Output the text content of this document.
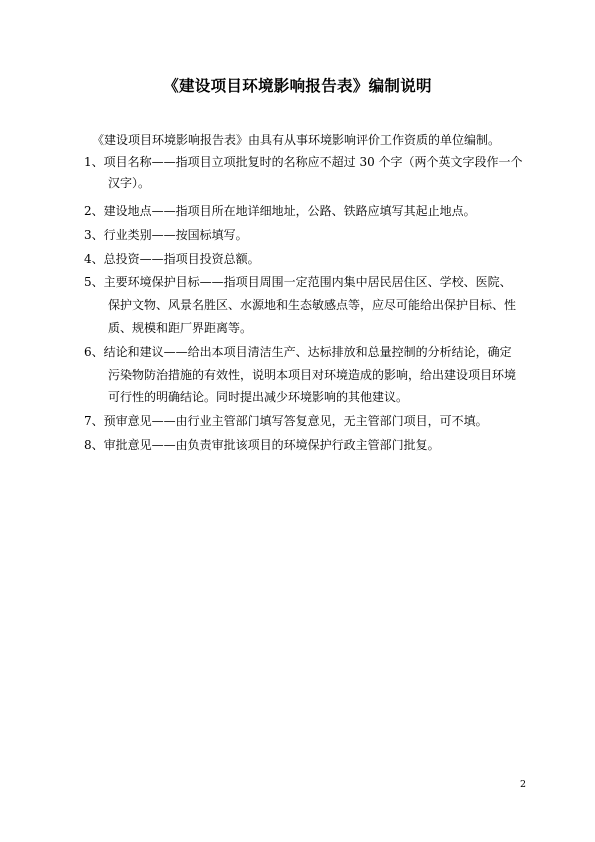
《建设项目环境影响报告表》编制说明
《建设项目环境影响报告表》由具有从事环境影响评价工作资质的单位编制。
1、项目名称——指项目立项批复时的名称应不超过 30 个字（两个英文字段作一个
汉字）。
2、建设地点——指项目所在地详细地址，公路、铁路应填写其起止地点。
3、行业类别——按国标填写。
4、总投资——指项目投资总额。
5、主要环境保护目标——指项目周围一定范围内集中居民居住区、学校、医院、
保护文物、风景名胜区、水源地和生态敏感点等，应尽可能给出保护目标、性
质、规模和距厂界距离等。
6、结论和建议——给出本项目清洁生产、达标排放和总量控制的分析结论，确定
污染物防治措施的有效性，说明本项目对环境造成的影响，给出建设项目环境
可行性的明确结论。同时提出减少环境影响的其他建议。
7、预审意见——由行业主管部门填写答复意见，无主管部门项目，可不填。
8、审批意见——由负责审批该项目的环境保护行政主管部门批复。
2
